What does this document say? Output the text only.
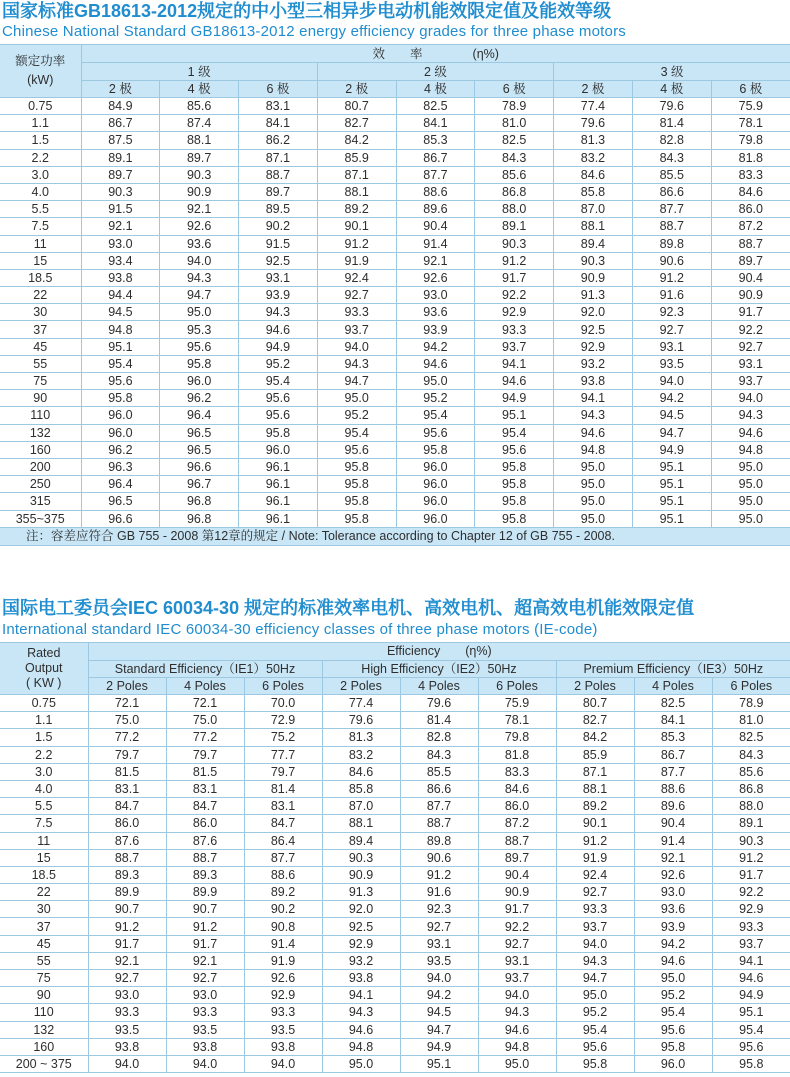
国家标准GB18613-2012规定的中小型三相异步电动机能效限定值及能效等级
Chinese National Standard GB18613-2012 energy efficiency grades for three phase motors
额定功率
(kW)	效　　率　　　　(η%)								
	1 级			2 级			3 级		
	2 极	4 极	6 极	2 极	4 极	6 极	2 极	4 极	6 极
0.75	84.9	85.6	83.1	80.7	82.5	78.9	77.4	79.6	75.9
1.1	86.7	87.4	84.1	82.7	84.1	81.0	79.6	81.4	78.1
1.5	87.5	88.1	86.2	84.2	85.3	82.5	81.3	82.8	79.8
2.2	89.1	89.7	87.1	85.9	86.7	84.3	83.2	84.3	81.8
3.0	89.7	90.3	88.7	87.1	87.7	85.6	84.6	85.5	83.3
4.0	90.3	90.9	89.7	88.1	88.6	86.8	85.8	86.6	84.6
5.5	91.5	92.1	89.5	89.2	89.6	88.0	87.0	87.7	86.0
7.5	92.1	92.6	90.2	90.1	90.4	89.1	88.1	88.7	87.2
11	93.0	93.6	91.5	91.2	91.4	90.3	89.4	89.8	88.7
15	93.4	94.0	92.5	91.9	92.1	91.2	90.3	90.6	89.7
18.5	93.8	94.3	93.1	92.4	92.6	91.7	90.9	91.2	90.4
22	94.4	94.7	93.9	92.7	93.0	92.2	91.3	91.6	90.9
30	94.5	95.0	94.3	93.3	93.6	92.9	92.0	92.3	91.7
37	94.8	95.3	94.6	93.7	93.9	93.3	92.5	92.7	92.2
45	95.1	95.6	94.9	94.0	94.2	93.7	92.9	93.1	92.7
55	95.4	95.8	95.2	94.3	94.6	94.1	93.2	93.5	93.1
75	95.6	96.0	95.4	94.7	95.0	94.6	93.8	94.0	93.7
90	95.8	96.2	95.6	95.0	95.2	94.9	94.1	94.2	94.0
110	96.0	96.4	95.6	95.2	95.4	95.1	94.3	94.5	94.3
132	96.0	96.5	95.8	95.4	95.6	95.4	94.6	94.7	94.6
160	96.2	96.5	96.0	95.6	95.8	95.6	94.8	94.9	94.8
200	96.3	96.6	96.1	95.8	96.0	95.8	95.0	95.1	95.0
250	96.4	96.7	96.1	95.8	96.0	95.8	95.0	95.1	95.0
315	96.5	96.8	96.1	95.8	96.0	95.8	95.0	95.1	95.0
355~375	96.6	96.8	96.1	95.8	96.0	95.8	95.0	95.1	95.0
注：容差应符合 GB 755 - 2008 第12章的规定 / Note: Tolerance according to Chapter 12 of GB 755 - 2008.									
国际电工委员会IEC 60034-30 规定的标准效率电机、高效电机、超高效电机能效限定值
International standard IEC 60034-30 efficiency classes of three phase motors (IE-code)
Rated
Output
( KW )	Efficiency　　(η%)								
	Standard Efficiency（IE1）50Hz			High Efficiency（IE2）50Hz			Premium Efficiency（IE3）50Hz		
	2 Poles	4 Poles	6 Poles	2 Poles	4 Poles	6 Poles	2 Poles	4 Poles	6 Poles
0.75	72.1	72.1	70.0	77.4	79.6	75.9	80.7	82.5	78.9
1.1	75.0	75.0	72.9	79.6	81.4	78.1	82.7	84.1	81.0
1.5	77.2	77.2	75.2	81.3	82.8	79.8	84.2	85.3	82.5
2.2	79.7	79.7	77.7	83.2	84.3	81.8	85.9	86.7	84.3
3.0	81.5	81.5	79.7	84.6	85.5	83.3	87.1	87.7	85.6
4.0	83.1	83.1	81.4	85.8	86.6	84.6	88.1	88.6	86.8
5.5	84.7	84.7	83.1	87.0	87.7	86.0	89.2	89.6	88.0
7.5	86.0	86.0	84.7	88.1	88.7	87.2	90.1	90.4	89.1
11	87.6	87.6	86.4	89.4	89.8	88.7	91.2	91.4	90.3
15	88.7	88.7	87.7	90.3	90.6	89.7	91.9	92.1	91.2
18.5	89.3	89.3	88.6	90.9	91.2	90.4	92.4	92.6	91.7
22	89.9	89.9	89.2	91.3	91.6	90.9	92.7	93.0	92.2
30	90.7	90.7	90.2	92.0	92.3	91.7	93.3	93.6	92.9
37	91.2	91.2	90.8	92.5	92.7	92.2	93.7	93.9	93.3
45	91.7	91.7	91.4	92.9	93.1	92.7	94.0	94.2	93.7
55	92.1	92.1	91.9	93.2	93.5	93.1	94.3	94.6	94.1
75	92.7	92.7	92.6	93.8	94.0	93.7	94.7	95.0	94.6
90	93.0	93.0	92.9	94.1	94.2	94.0	95.0	95.2	94.9
110	93.3	93.3	93.3	94.3	94.5	94.3	95.2	95.4	95.1
132	93.5	93.5	93.5	94.6	94.7	94.6	95.4	95.6	95.4
160	93.8	93.8	93.8	94.8	94.9	94.8	95.6	95.8	95.6
200 ~ 375	94.0	94.0	94.0	95.0	95.1	95.0	95.8	96.0	95.8
